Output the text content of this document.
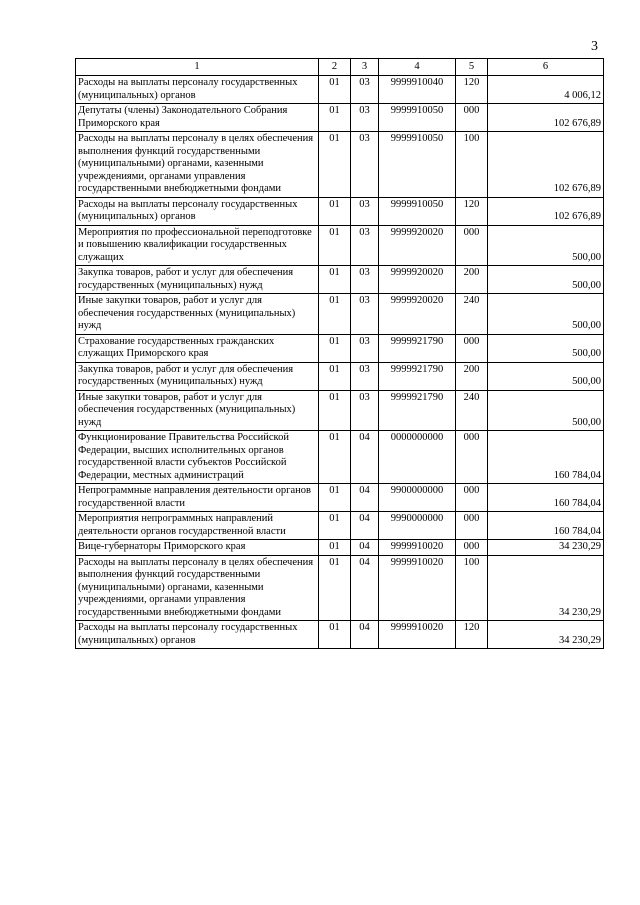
3
1	2	3	4	5	6
Расходы на выплаты персоналу государственных (муниципальных) органов	01	03	9999910040	120	4 006,12
Депутаты (члены) Законодательного Собрания Приморского края	01	03	9999910050	000	102 676,89
Расходы на выплаты персоналу в целях обеспечения выполнения функций государственными (муниципальными) органами, казенными учреждениями, органами управления государственными внебюджетными фондами	01	03	9999910050	100	102 676,89
Расходы на выплаты персоналу государственных (муниципальных) органов	01	03	9999910050	120	102 676,89
Мероприятия по профессиональной переподготовке и повышению квалификации государственных служащих	01	03	9999920020	000	500,00
Закупка товаров, работ и услуг для обеспечения государственных (муниципальных) нужд	01	03	9999920020	200	500,00
Иные закупки товаров, работ и услуг для обеспечения государственных (муниципальных) нужд	01	03	9999920020	240	500,00
Страхование государственных гражданских служащих Приморского края	01	03	9999921790	000	500,00
Закупка товаров, работ и услуг для обеспечения государственных (муниципальных) нужд	01	03	9999921790	200	500,00
Иные закупки товаров, работ и услуг для обеспечения государственных (муниципальных) нужд	01	03	9999921790	240	500,00
Функционирование Правительства Российской Федерации, высших исполнительных органов государственной власти субъектов Российской Федерации, местных администраций	01	04	0000000000	000	160 784,04
Непрограммные направления деятельности органов государственной власти	01	04	9900000000	000	160 784,04
Мероприятия непрограммных направлений деятельности органов государственной власти	01	04	9990000000	000	160 784,04
Вице-губернаторы Приморского края	01	04	9999910020	000	34 230,29
Расходы на выплаты персоналу в целях обеспечения выполнения функций государственными (муниципальными) органами, казенными учреждениями, органами управления государственными внебюджетными фондами	01	04	9999910020	100	34 230,29
Расходы на выплаты персоналу государственных (муниципальных) органов	01	04	9999910020	120	34 230,29
